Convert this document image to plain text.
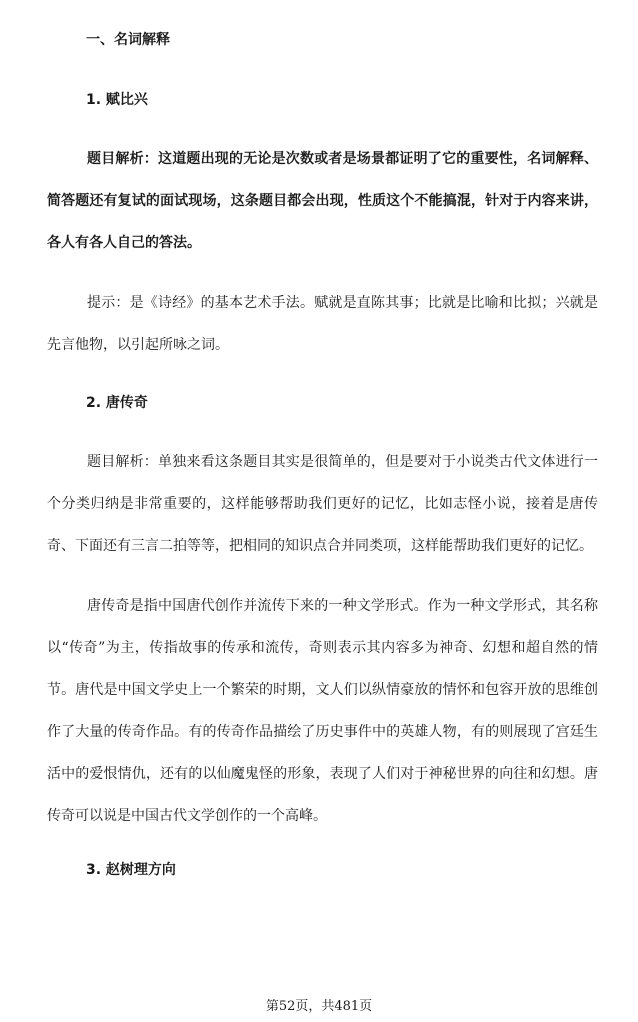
一、名词解释
1. 赋比兴

题目解析：这道题出现的无论是次数或者是场景都证明了它的重要性，名词解释、简答题还有复试的面试现场，这条题目都会出现，性质这个不能搞混，针对于内容来讲，各人有各人自己的答法。

提示：是《诗经》的基本艺术手法。赋就是直陈其事；比就是比喻和比拟；兴就是先言他物，以引起所咏之词。

2. 唐传奇

题目解析：单独来看这条题目其实是很简单的，但是要对于小说类古代文体进行一个分类归纳是非常重要的，这样能够帮助我们更好的记忆，比如志怪小说，接着是唐传奇、下面还有三言二拍等等，把相同的知识点合并同类项，这样能帮助我们更好的记忆。

唐传奇是指中国唐代创作并流传下来的一种文学形式。作为一种文学形式，其名称以“传奇”为主，传指故事的传承和流传，奇则表示其内容多为神奇、幻想和超自然的情节。唐代是中国文学史上一个繁荣的时期，文人们以纵情豪放的情怀和包容开放的思维创作了大量的传奇作品。有的传奇作品描绘了历史事件中的英雄人物，有的则展现了宫廷生活中的爱恨情仇，还有的以仙魔鬼怪的形象，表现了人们对于神秘世界的向往和幻想。唐传奇可以说是中国古代文学创作的一个高峰。

3. 赵树理方向
第52页，共481页
